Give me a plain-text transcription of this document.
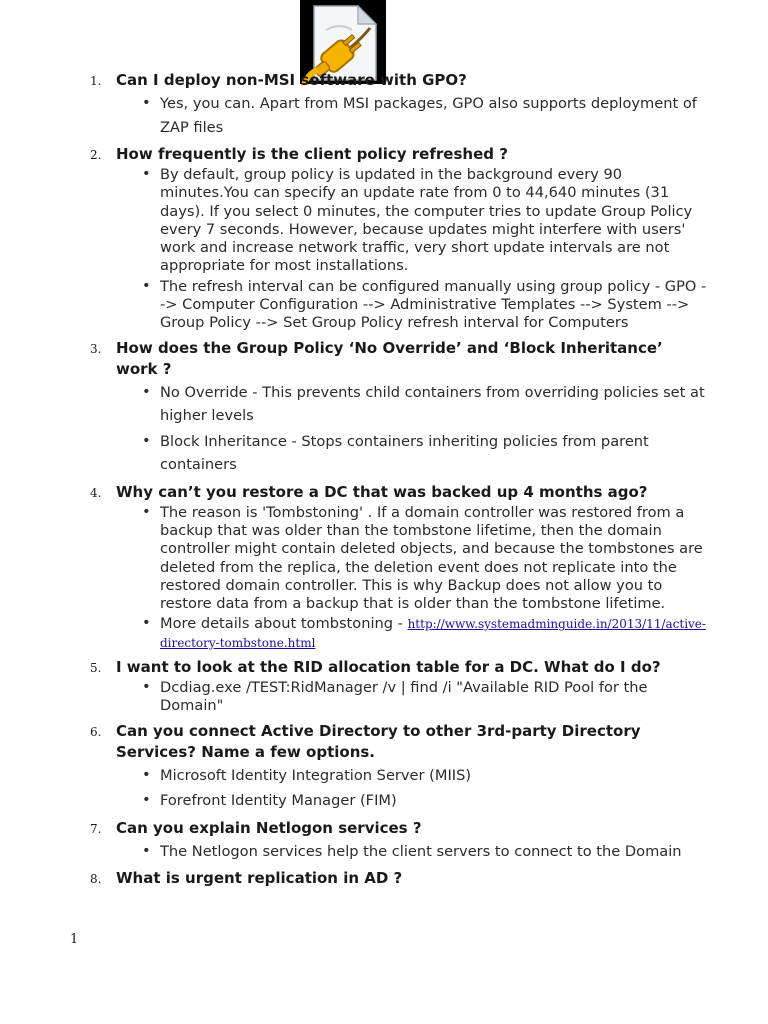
1. Can I deploy non-MSI software with GPO?
• Yes, you can. Apart from MSI packages, GPO also supports deployment of ZAP files
2. How frequently is the client policy refreshed ?
• By default, group policy is updated in the background every 90 minutes.You can specify an update rate from 0 to 44,640 minutes (31 days). If you select 0 minutes, the computer tries to update Group Policy every 7 seconds. However, because updates might interfere with users' work and increase network traffic, very short update intervals are not appropriate for most installations.
• The refresh interval can be configured manually using group policy - GPO --> Computer Configuration --> Administrative Templates --> System --> Group Policy --> Set Group Policy refresh interval for Computers
3. How does the Group Policy ‘No Override’ and ‘Block Inheritance’ work ?
• No Override - This prevents child containers from overriding policies set at higher levels
• Block Inheritance - Stops containers inheriting policies from parent containers
4. Why can’t you restore a DC that was backed up 4 months ago?
• The reason is 'Tombstoning' . If a domain controller was restored from a backup that was older than the tombstone lifetime, then the domain controller might contain deleted objects, and because the tombstones are deleted from the replica, the deletion event does not replicate into the restored domain controller. This is why Backup does not allow you to restore data from a backup that is older than the tombstone lifetime.
• More details about tombstoning - http://www.systemadminguide.in/2013/11/active-directory-tombstone.html
5. I want to look at the RID allocation table for a DC. What do I do?
• Dcdiag.exe /TEST:RidManager /v | find /i "Available RID Pool for the Domain"
6. Can you connect Active Directory to other 3rd-party Directory Services? Name a few options.
• Microsoft Identity Integration Server (MIIS)
• Forefront Identity Manager (FIM)
7. Can you explain Netlogon services ?
• The Netlogon services help the client servers to connect to the Domain
8. What is urgent replication in AD ?
1
